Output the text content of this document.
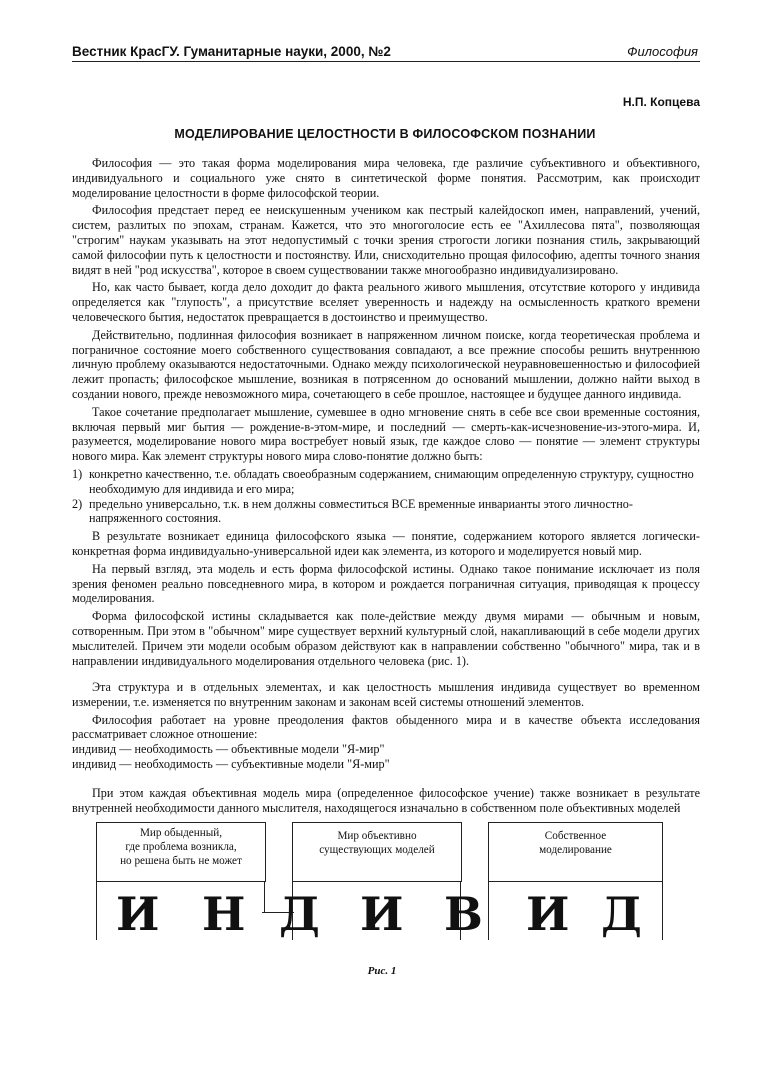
Вестник КрасГУ. Гуманитарные науки, 2000, №2	Философия
Н.П. Копцева
МОДЕЛИРОВАНИЕ ЦЕЛОСТНОСТИ В ФИЛОСОФСКОМ ПОЗНАНИИ

Философия — это такая форма моделирования мира человека, где различие субъективного и объективного, индивидуального и социального уже снято в синтетической форме понятия. Рассмотрим, как происходит моделирование целостности в форме философской теории.

Философия предстает перед ее неискушенным учеником как пестрый калейдоскоп имен, направлений, учений, систем, разлитых по эпохам, странам. Кажется, что это многоголосие есть ее "Ахиллесова пята", позволяющая "строгим" наукам указывать на этот недопустимый с точки зрения строгости логики познания стиль, закрывающий самой философии путь к целостности и постоянству. Или, снисходительно прощая философию, адепты точного знания видят в ней "род искусства", которое в своем существовании также многообразно индивидуализировано.

Но, как часто бывает, когда дело доходит до факта реального живого мышления, отсутствие которого у индивида определяется как "глупость", а присутствие вселяет уверенность и надежду на осмысленность краткого времени человеческого бытия, недостаток превращается в достоинство и преимущество.

Действительно, подлинная философия возникает в напряженном личном поиске, когда теоретическая проблема и пограничное состояние моего собственного существования совпадают, а все прежние способы решить внутреннюю личную проблему оказываются недостаточными. Однако между психологической неуравновешенностью и философией лежит пропасть; философское мышление, возникая в потрясенном до оснований мышлении, должно найти выход в создании нового, прежде невозможного мира, сочетающего в себе прошлое, настоящее и будущее данного индивида.

Такое сочетание предполагает мышление, сумевшее в одно мгновение снять в себе все свои временные состояния, включая первый миг бытия — рождение-в-этом-мире, и последний — смерть-как-исчезновение-из-этого-мира. И, разумеется, моделирование нового мира востребует новый язык, где каждое слово — понятие — элемент структуры нового мира. Как элемент структуры нового мира слово-понятие должно быть:

1) конкретно качественно, т.е. обладать своеобразным содержанием, снимающим определенную структуру, сущностно необходимую для индивида и его мира;

2) предельно универсально, т.к. в нем должны совместиться ВСЕ временные инварианты этого личностно-напряженного состояния.

В результате возникает единица философского языка — понятие, содержанием которого является логически-конкретная форма индивидуально-универсальной идеи как элемента, из которого и моделируется новый мир.

На первый взгляд, эта модель и есть форма философской истины. Однако такое понимание исключает из поля зрения феномен реально повседневного мира, в котором и рождается пограничная ситуация, приводящая к процессу моделирования.

Форма философской истины складывается как поле-действие между двумя мирами — обычным и новым, сотворенным. При этом в "обычном" мире существует верхний культурный слой, накапливающий в себе модели других мыслителей. Причем эти модели особым образом действуют как в направлении собственно "обычного" мира, так и в направлении индивидуального моделирования отдельного человека (рис. 1).

Эта структура и в отдельных элементах, и как целостность мышления индивида существует во временном измерении, т.е. изменяется по внутренним законам и законам всей системы отношений элементов.

Философия работает на уровне преодоления фактов обыденного мира и в качестве объекта исследования рассматривает сложное отношение:

индивид — необходимость — объективные модели "Я-мир"

индивид — необходимость — субъективные модели "Я-мир"

При этом каждая объективная модель мира (определенное философское учение) также возникает в результате внутренней необходимости данного мыслителя, находящегося изначально в собственном поле объективных моделей

Мир обыденный,
где проблема возникла,
но решена быть не может
Мир объективно
существующих моделей
Собственное
моделирование
И Н Д И В И Д
Рис. 1
